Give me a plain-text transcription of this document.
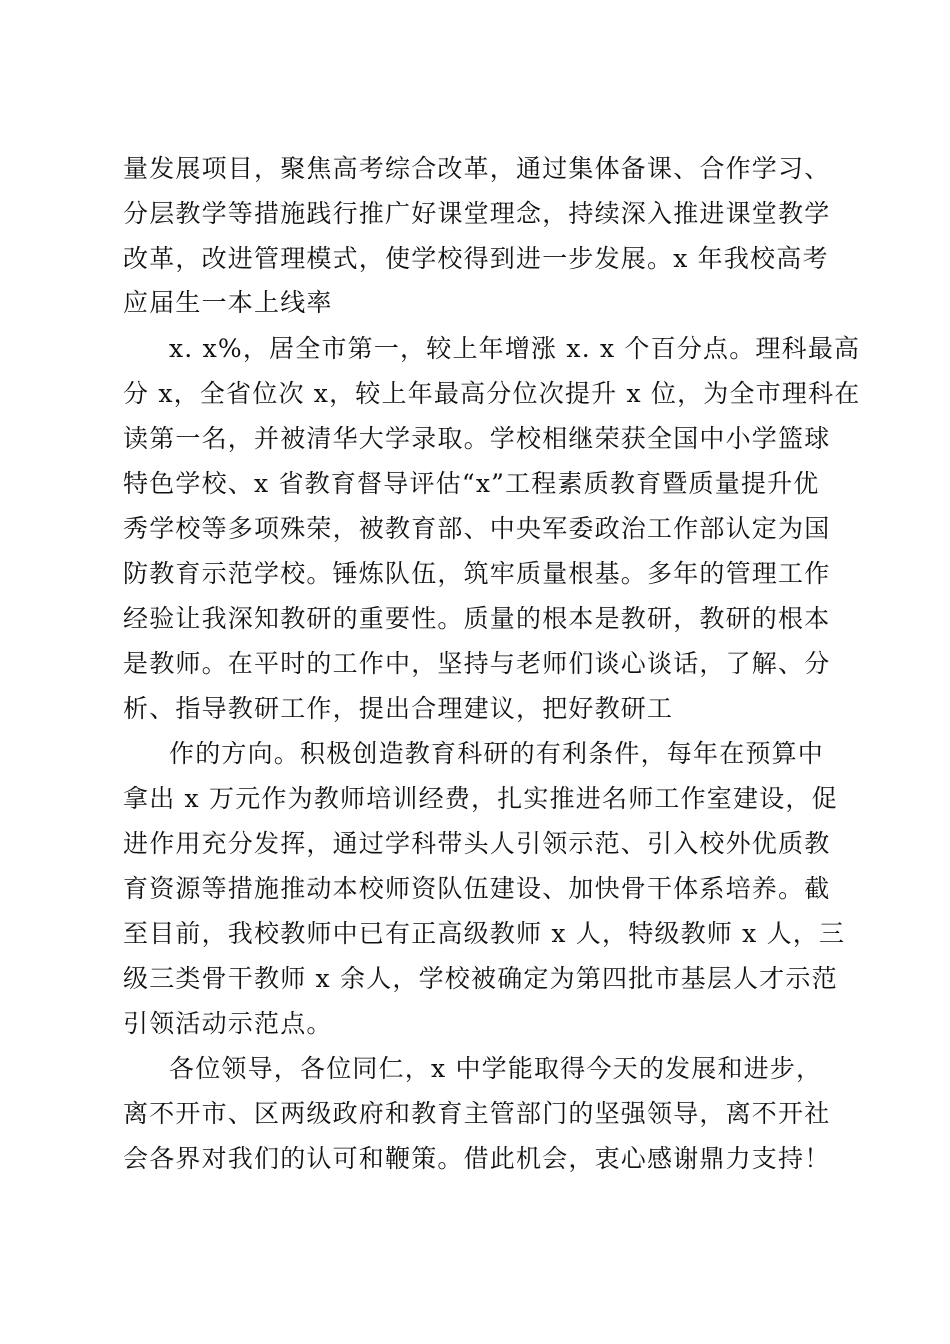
量发展项目，聚焦高考综合改革，通过集体备课、合作学习、
分层教学等措施践行推广好课堂理念，持续深入推进课堂教学
改革，改进管理模式，使学校得到进一步发展。x 年我校高考
应届生一本上线率
x. x%，居全市第一，较上年增涨 x. x 个百分点。理科最高
分 x，全省位次 x，较上年最高分位次提升 x 位，为全市理科在
读第一名，并被清华大学录取。学校相继荣获全国中小学篮球
特色学校、x 省教育督导评估“x”工程素质教育暨质量提升优
秀学校等多项殊荣，被教育部、中央军委政治工作部认定为国
防教育示范学校。锤炼队伍，筑牢质量根基。多年的管理工作
经验让我深知教研的重要性。质量的根本是教研，教研的根本
是教师。在平时的工作中，坚持与老师们谈心谈话，了解、分
析、指导教研工作，提出合理建议，把好教研工
作的方向。积极创造教育科研的有利条件，每年在预算中
拿出 x 万元作为教师培训经费，扎实推进名师工作室建设，促
进作用充分发挥，通过学科带头人引领示范、引入校外优质教
育资源等措施推动本校师资队伍建设、加快骨干体系培养。截
至目前，我校教师中已有正高级教师 x 人，特级教师 x 人，三
级三类骨干教师 x 余人，学校被确定为第四批市基层人才示范
引领活动示范点。
各位领导，各位同仁，x 中学能取得今天的发展和进步，
离不开市、区两级政府和教育主管部门的坚强领导，离不开社
会各界对我们的认可和鞭策。借此机会，衷心感谢鼎力支持！
